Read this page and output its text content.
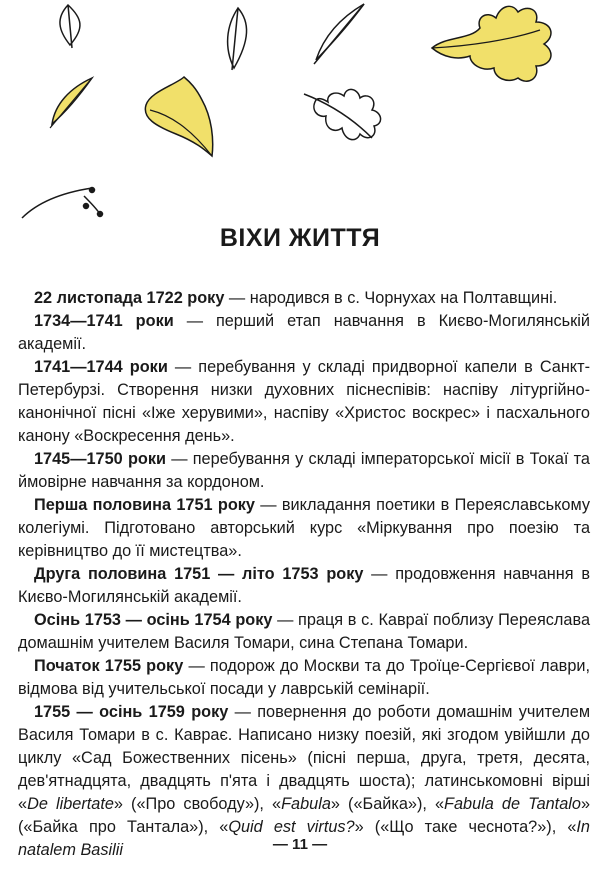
ВІХИ ЖИТТЯ

22 листопада 1722 року — народився в с. Чорнухах на Полтавщині.

1734—1741 роки — перший етап навчання в Києво-Могилянській академії.

1741—1744 роки — перебування у складі придворної капели в Санкт-Петербурзі. Створення низки духовних піснеспівів: наспіву літургійно-канонічної пісні «Іже херувими», наспіву «Христос воскрес» і пасхального канону «Воскресення день».

1745—1750 роки — перебування у складі імператорської місії в Токаї та ймовірне навчання за кордоном.

Перша половина 1751 року — викладання поетики в Переяславському колегіумі. Підготовано авторський курс «Міркування про поезію та керівництво до її мистецтва».

Друга половина 1751 — літо 1753 року — продовження навчання в Києво-Могилянській академії.

Осінь 1753 — осінь 1754 року — праця в с. Кавраї поблизу Переяслава домашнім учителем Василя Томари, сина Степана Томари.

Початок 1755 року — подорож до Москви та до Троїце-Сергієвої лаври, відмова від учительської посади у лаврській семінарії.

1755 — осінь 1759 року — повернення до роботи домашнім учителем Василя Томари в с. Каврає. Написано низку поезій, які згодом увійшли до циклу «Сад Божественних пісень» (пісні перша, друга, третя, десята, дев'ятнадцята, двадцять п'ята і двадцять шоста); латинськомовні вірші «De libertate» («Про свободу»), «Fabula» («Байка»), «Fabula de Tantalo» («Байка про Тантала»), «Quid est virtus?» («Що таке чеснота?»), «In natalem Basilii	— 11 —
